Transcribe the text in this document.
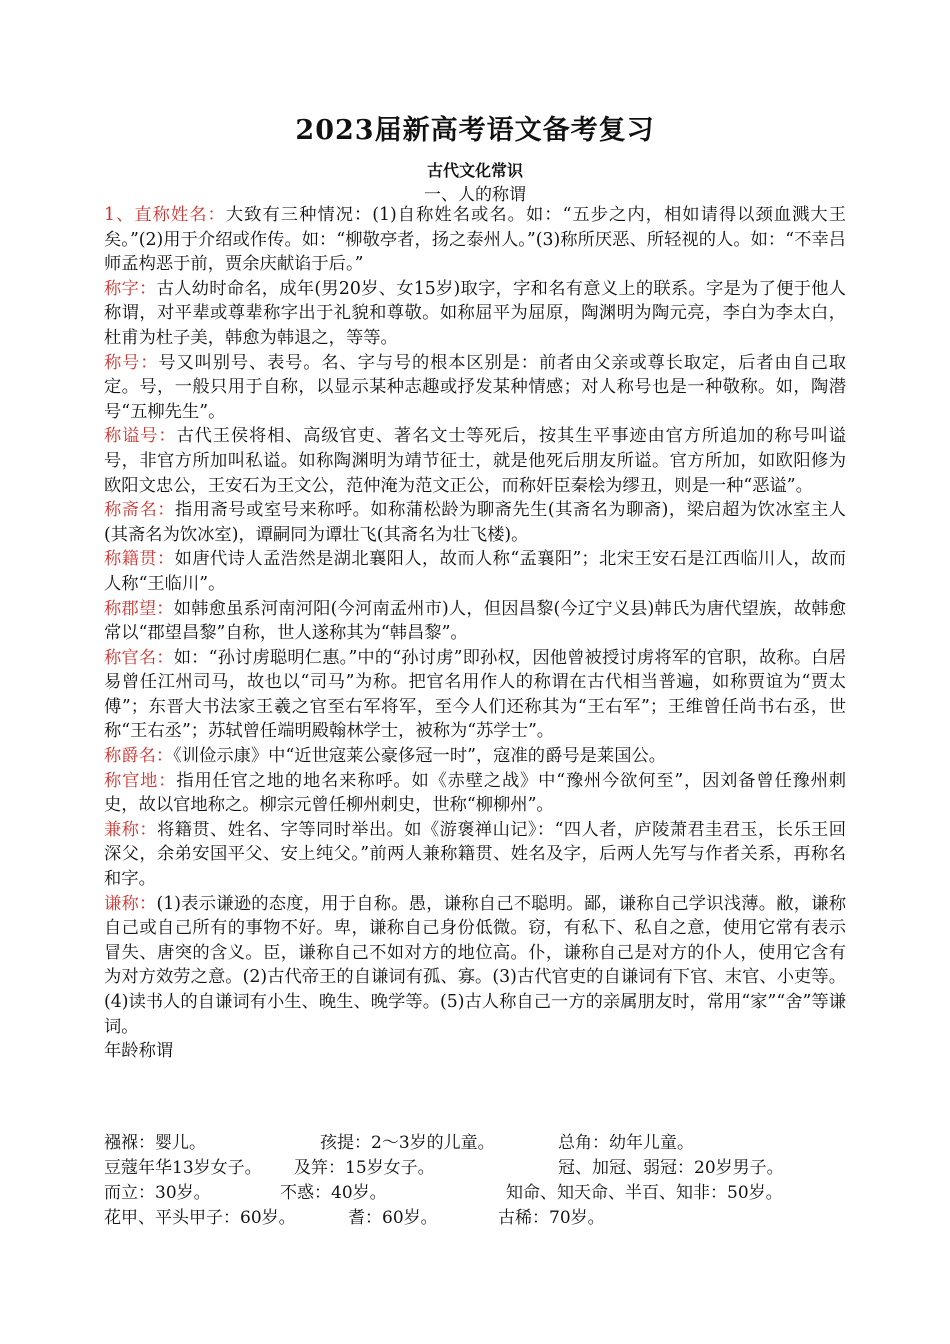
2023届新高考语文备考复习
古代文化常识
一、人的称谓

1、直称姓名：大致有三种情况：(1)自称姓名或名。如：“五步之内，相如请得以颈血溅大王矣。”(2)用于介绍或作传。如：“柳敬亭者，扬之泰州人。”(3)称所厌恶、所轻视的人。如：“不幸吕师孟构恶于前，贾余庆献谄于后。”

称字：古人幼时命名，成年(男20岁、女15岁)取字，字和名有意义上的联系。字是为了便于他人称谓，对平辈或尊辈称字出于礼貌和尊敬。如称屈平为屈原，陶渊明为陶元亮，李白为李太白，杜甫为杜子美，韩愈为韩退之，等等。

称号：号又叫别号、表号。名、字与号的根本区别是：前者由父亲或尊长取定，后者由自己取定。号，一般只用于自称，以显示某种志趣或抒发某种情感；对人称号也是一种敬称。如，陶潜号“五柳先生”。

称谥号：古代王侯将相、高级官吏、著名文士等死后，按其生平事迹由官方所追加的称号叫谥号，非官方所加叫私谥。如称陶渊明为靖节征士，就是他死后朋友所谥。官方所加，如欧阳修为欧阳文忠公，王安石为王文公，范仲淹为范文正公，而称奸臣秦桧为缪丑，则是一种“恶谥”。

称斋名：指用斋号或室号来称呼。如称蒲松龄为聊斋先生(其斋名为聊斋)，梁启超为饮冰室主人(其斋名为饮冰室)，谭嗣同为谭壮飞(其斋名为壮飞楼)。

称籍贯：如唐代诗人孟浩然是湖北襄阳人，故而人称“孟襄阳”；北宋王安石是江西临川人，故而人称“王临川”。

称郡望：如韩愈虽系河南河阳(今河南孟州市)人，但因昌黎(今辽宁义县)韩氏为唐代望族，故韩愈常以“郡望昌黎”自称，世人遂称其为“韩昌黎”。

称官名：如：“孙讨虏聪明仁惠。”中的“孙讨虏”即孙权，因他曾被授讨虏将军的官职，故称。白居易曾任江州司马，故也以“司马”为称。把官名用作人的称谓在古代相当普遍，如称贾谊为“贾太傅”；东晋大书法家王羲之官至右军将军，至今人们还称其为“王右军”；王维曾任尚书右丞，世称“王右丞”；苏轼曾任端明殿翰林学士，被称为“苏学士”。

称爵名：《训俭示康》中“近世寇莱公豪侈冠一时”，寇准的爵号是莱国公。

称官地：指用任官之地的地名来称呼。如《赤壁之战》中“豫州今欲何至”，因刘备曾任豫州刺史，故以官地称之。柳宗元曾任柳州刺史，世称“柳柳州”。

兼称：将籍贯、姓名、字等同时举出。如《游褒禅山记》：“四人者，庐陵萧君圭君玉，长乐王回深父，余弟安国平父、安上纯父。”前两人兼称籍贯、姓名及字，后两人先写与作者关系，再称名和字。

谦称：(1)表示谦逊的态度，用于自称。愚，谦称自己不聪明。鄙，谦称自己学识浅薄。敝，谦称自己或自己所有的事物不好。卑，谦称自己身份低微。窃，有私下、私自之意，使用它常有表示冒失、唐突的含义。臣，谦称自己不如对方的地位高。仆，谦称自己是对方的仆人，使用它含有为对方效劳之意。(2)古代帝王的自谦词有孤、寡。(3)古代官吏的自谦词有下官、末官、小吏等。(4)读书人的自谦词有小生、晚生、晚学等。(5)古人称自己一方的亲属朋友时，常用“家”“舍”等谦词。

年龄称谓

襁褓：婴儿。	孩提：2～3岁的儿童。	总角：幼年儿童。
豆蔻年华13岁女子。 及笄：15岁女子。	冠、加冠、弱冠：20岁男子。
而立：30岁。	不惑：40岁。	知命、知天命、半百、知非：50岁。
花甲、平头甲子：60岁。	耆：60岁。	古稀：70岁。
